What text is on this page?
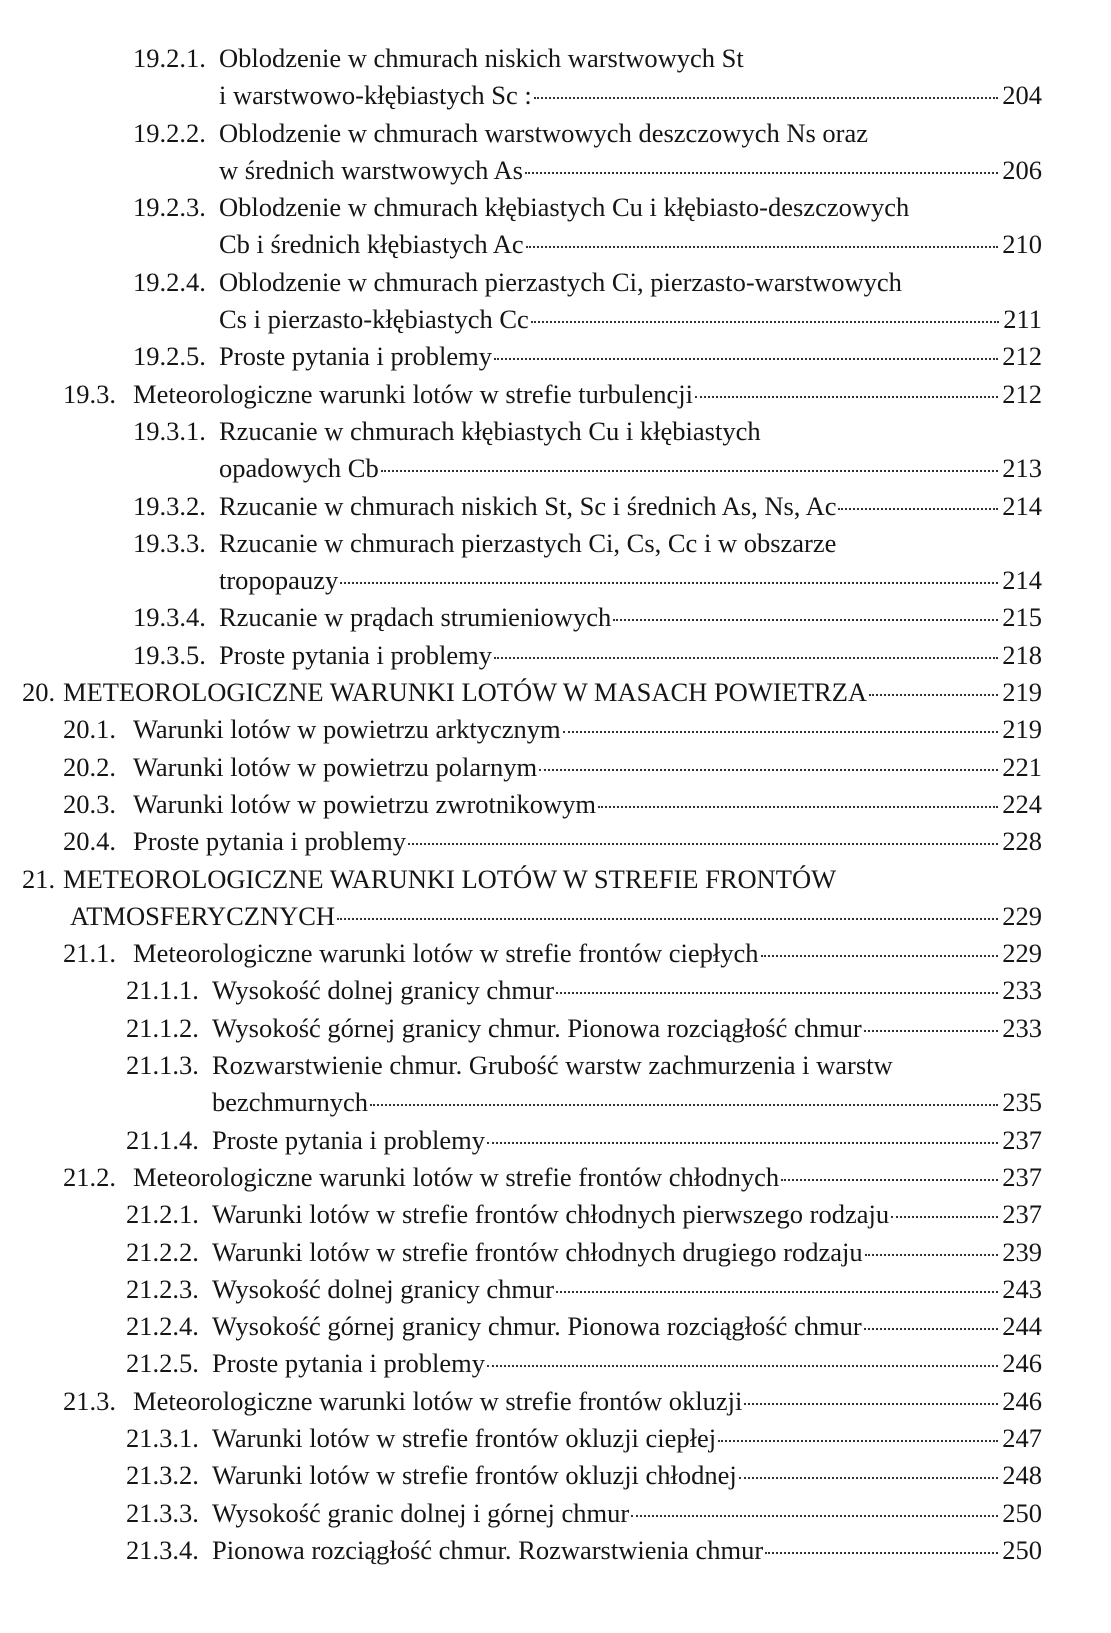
19.2.1. Oblodzenie w chmurach niskich warstwowych St
i warstwowo-kłębiastych Sc :	204
19.2.2. Oblodzenie w chmurach warstwowych deszczowych Ns oraz
w średnich warstwowych As	206
19.2.3. Oblodzenie w chmurach kłębiastych Cu i kłębiasto-deszczowych
Cb i średnich kłębiastych Ac	210
19.2.4. Oblodzenie w chmurach pierzastych Ci, pierzasto-warstwowych
Cs i pierzasto-kłębiastych Cc	211
19.2.5. Proste pytania i problemy	212
19.3. Meteorologiczne warunki lotów w strefie turbulencji	212
19.3.1. Rzucanie w chmurach kłębiastych Cu i kłębiastych
opadowych Cb	213
19.3.2. Rzucanie w chmurach niskich St, Sc i średnich As, Ns, Ac	214
19.3.3. Rzucanie w chmurach pierzastych Ci, Cs, Cc i w obszarze
tropopauzy	214
19.3.4. Rzucanie w prądach strumieniowych	215
19.3.5. Proste pytania i problemy	218
20. METEOROLOGICZNE WARUNKI LOTÓW W MASACH POWIETRZA	219
20.1. Warunki lotów w powietrzu arktycznym	219
20.2. Warunki lotów w powietrzu polarnym	221
20.3. Warunki lotów w powietrzu zwrotnikowym	224
20.4. Proste pytania i problemy	228
21. METEOROLOGICZNE WARUNKI LOTÓW W STREFIE FRONTÓW
ATMOSFERYCZNYCH	229
21.1. Meteorologiczne warunki lotów w strefie frontów ciepłych	229
21.1.1. Wysokość dolnej granicy chmur	233
21.1.2. Wysokość górnej granicy chmur. Pionowa rozciągłość chmur	233
21.1.3. Rozwarstwienie chmur. Grubość warstw zachmurzenia i warstw
bezchmurnych	235
21.1.4. Proste pytania i problemy	237
21.2. Meteorologiczne warunki lotów w strefie frontów chłodnych	237
21.2.1. Warunki lotów w strefie frontów chłodnych pierwszego rodzaju	237
21.2.2. Warunki lotów w strefie frontów chłodnych drugiego rodzaju	239
21.2.3. Wysokość dolnej granicy chmur	243
21.2.4. Wysokość górnej granicy chmur. Pionowa rozciągłość chmur	244
21.2.5. Proste pytania i problemy	246
21.3. Meteorologiczne warunki lotów w strefie frontów okluzji	246
21.3.1. Warunki lotów w strefie frontów okluzji ciepłej	247
21.3.2. Warunki lotów w strefie frontów okluzji chłodnej	248
21.3.3. Wysokość granic dolnej i górnej chmur	250
21.3.4. Pionowa rozciągłość chmur. Rozwarstwienia chmur	250
